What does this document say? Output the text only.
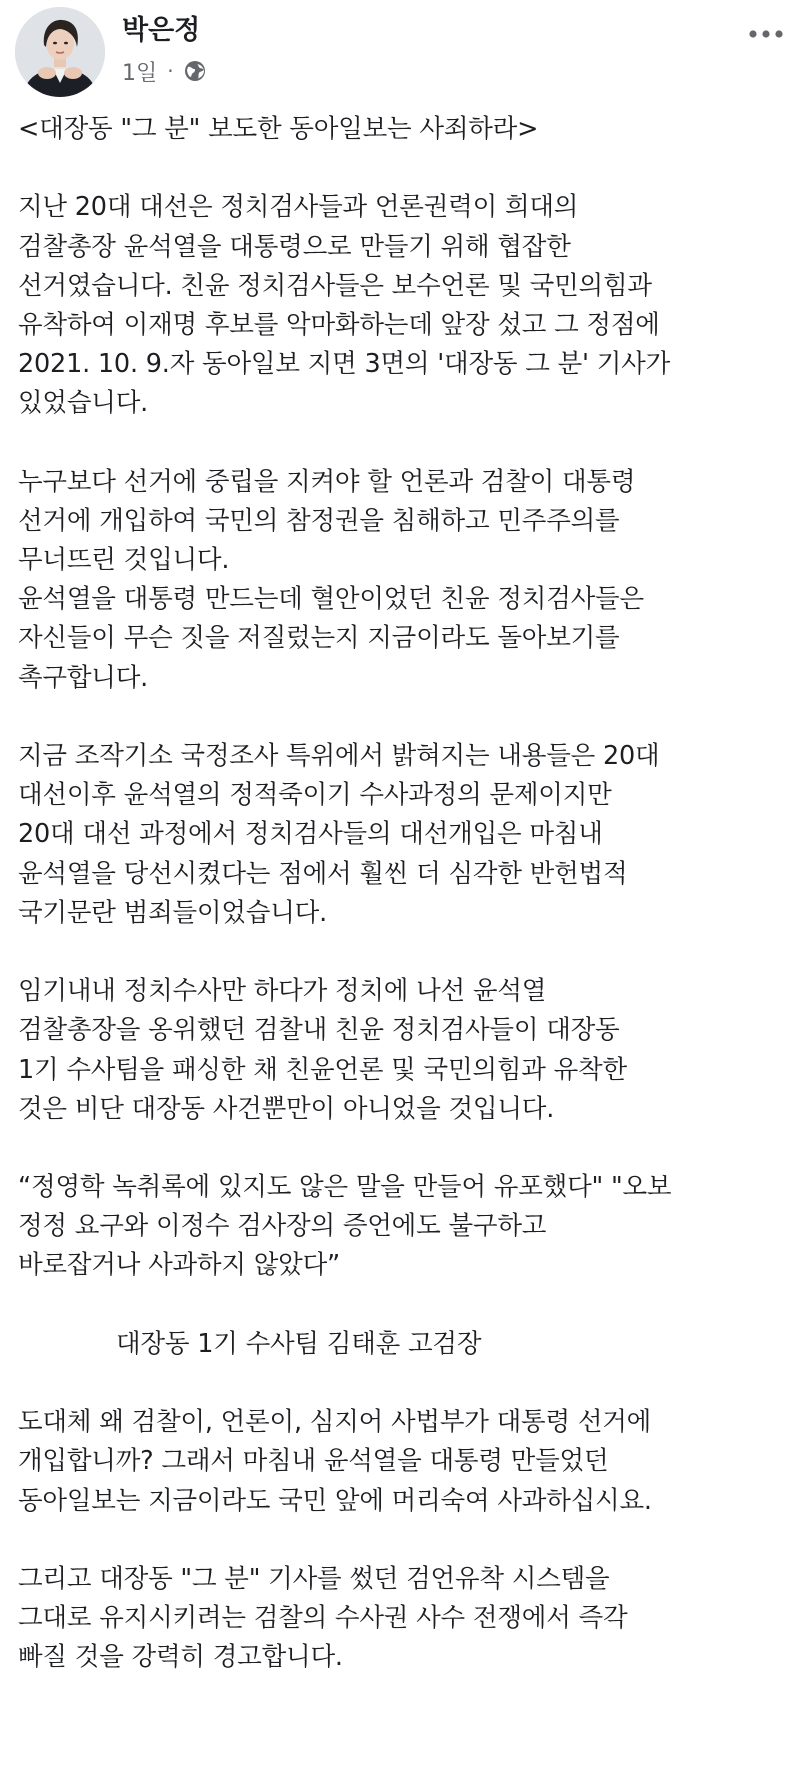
박은정
1일 ·
<대장동 "그 분" 보도한 동아일보는 사죄하라>
지난 20대 대선은 정치검사들과 언론권력이 희대의
검찰총장 윤석열을 대통령으로 만들기 위해 협잡한
선거였습니다. 친윤 정치검사들은 보수언론 및 국민의힘과
유착하여 이재명 후보를 악마화하는데 앞장 섰고 그 정점에
2021. 10. 9.자 동아일보 지면 3면의 '대장동 그 분' 기사가
있었습니다.
누구보다 선거에 중립을 지켜야 할 언론과 검찰이 대통령
선거에 개입하여 국민의 참정권을 침해하고 민주주의를
무너뜨린 것입니다.
윤석열을 대통령 만드는데 혈안이었던 친윤 정치검사들은
자신들이 무슨 짓을 저질렀는지 지금이라도 돌아보기를
촉구합니다.
지금 조작기소 국정조사 특위에서 밝혀지는 내용들은 20대
대선이후 윤석열의 정적죽이기 수사과정의 문제이지만
20대 대선 과정에서 정치검사들의 대선개입은 마침내
윤석열을 당선시켰다는 점에서 훨씬 더 심각한 반헌법적
국기문란 범죄들이었습니다.
임기내내 정치수사만 하다가 정치에 나선 윤석열
검찰총장을 옹위했던 검찰내 친윤 정치검사들이 대장동
1기 수사팀을 패싱한 채 친윤언론 및 국민의힘과 유착한
것은 비단 대장동 사건뿐만이 아니었을 것입니다.
“정영학 녹취록에 있지도 않은 말을 만들어 유포했다" "오보
정정 요구와 이정수 검사장의 증언에도 불구하고
바로잡거나 사과하지 않았다”
대장동 1기 수사팀 김태훈 고검장
도대체 왜 검찰이, 언론이, 심지어 사법부가 대통령 선거에
개입합니까? 그래서 마침내 윤석열을 대통령 만들었던
동아일보는 지금이라도 국민 앞에 머리숙여 사과하십시요.
그리고 대장동 "그 분" 기사를 썼던 검언유착 시스템을
그대로 유지시키려는 검찰의 수사권 사수 전쟁에서 즉각
빠질 것을 강력히 경고합니다.
